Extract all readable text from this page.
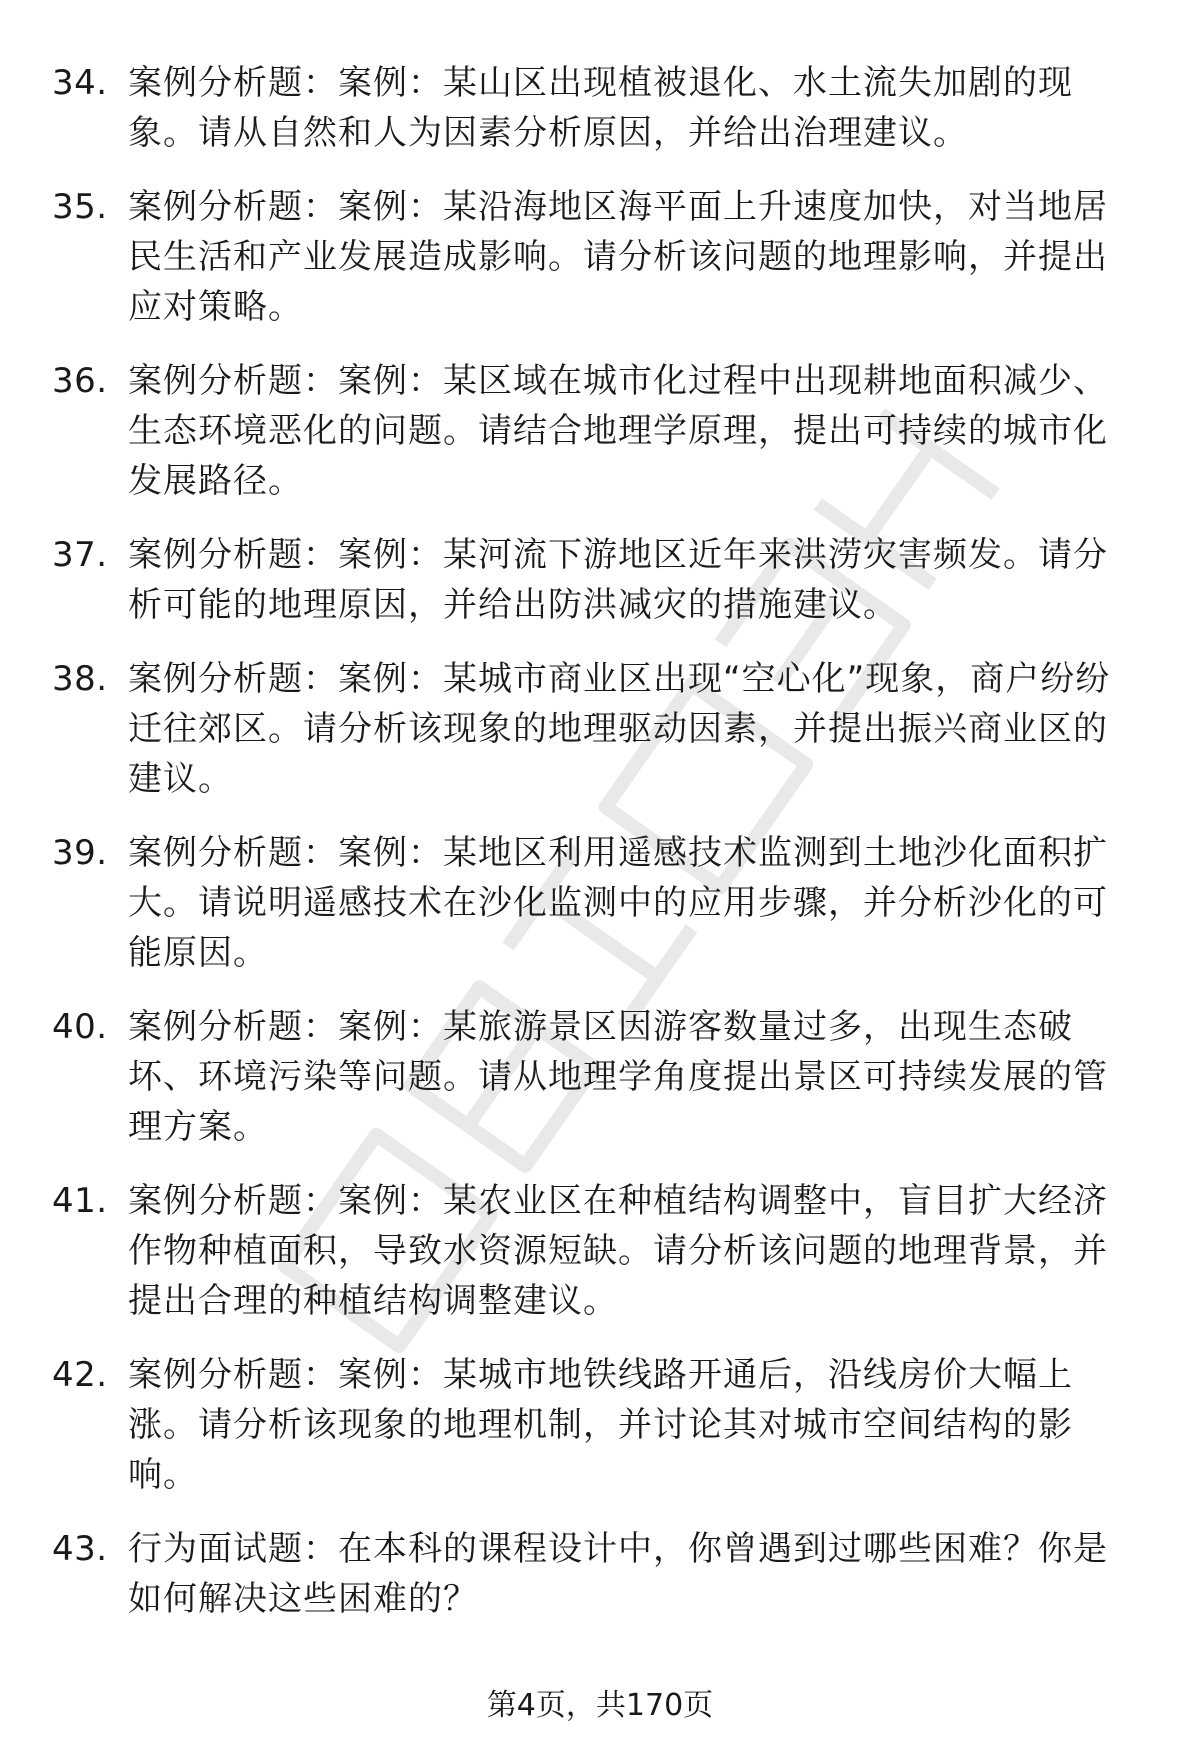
34. 案例分析题：案例：某山区出现植被退化、水土流失加剧的现象。请从自然和人为因素分析原因，并给出治理建议。
35. 案例分析题：案例：某沿海地区海平面上升速度加快，对当地居民生活和产业发展造成影响。请分析该问题的地理影响，并提出应对策略。
36. 案例分析题：案例：某区域在城市化过程中出现耕地面积减少、生态环境恶化的问题。请结合地理学原理，提出可持续的城市化发展路径。
37. 案例分析题：案例：某河流下游地区近年来洪涝灾害频发。请分析可能的地理原因，并给出防洪减灾的措施建议。
38. 案例分析题：案例：某城市商业区出现“空心化”现象，商户纷纷迁往郊区。请分析该现象的地理驱动因素，并提出振兴商业区的建议。
39. 案例分析题：案例：某地区利用遥感技术监测到土地沙化面积扩大。请说明遥感技术在沙化监测中的应用步骤，并分析沙化的可能原因。
40. 案例分析题：案例：某旅游景区因游客数量过多，出现生态破坏、环境污染等问题。请从地理学角度提出景区可持续发展的管理方案。
41. 案例分析题：案例：某农业区在种植结构调整中，盲目扩大经济作物种植面积，导致水资源短缺。请分析该问题的地理背景，并提出合理的种植结构调整建议。
42. 案例分析题：案例：某城市地铁线路开通后，沿线房价大幅上涨。请分析该现象的地理机制，并讨论其对城市空间结构的影响。
43. 行为面试题：在本科的课程设计中，你曾遇到过哪些困难？你是如何解决这些困难的？
第4页，共170页
